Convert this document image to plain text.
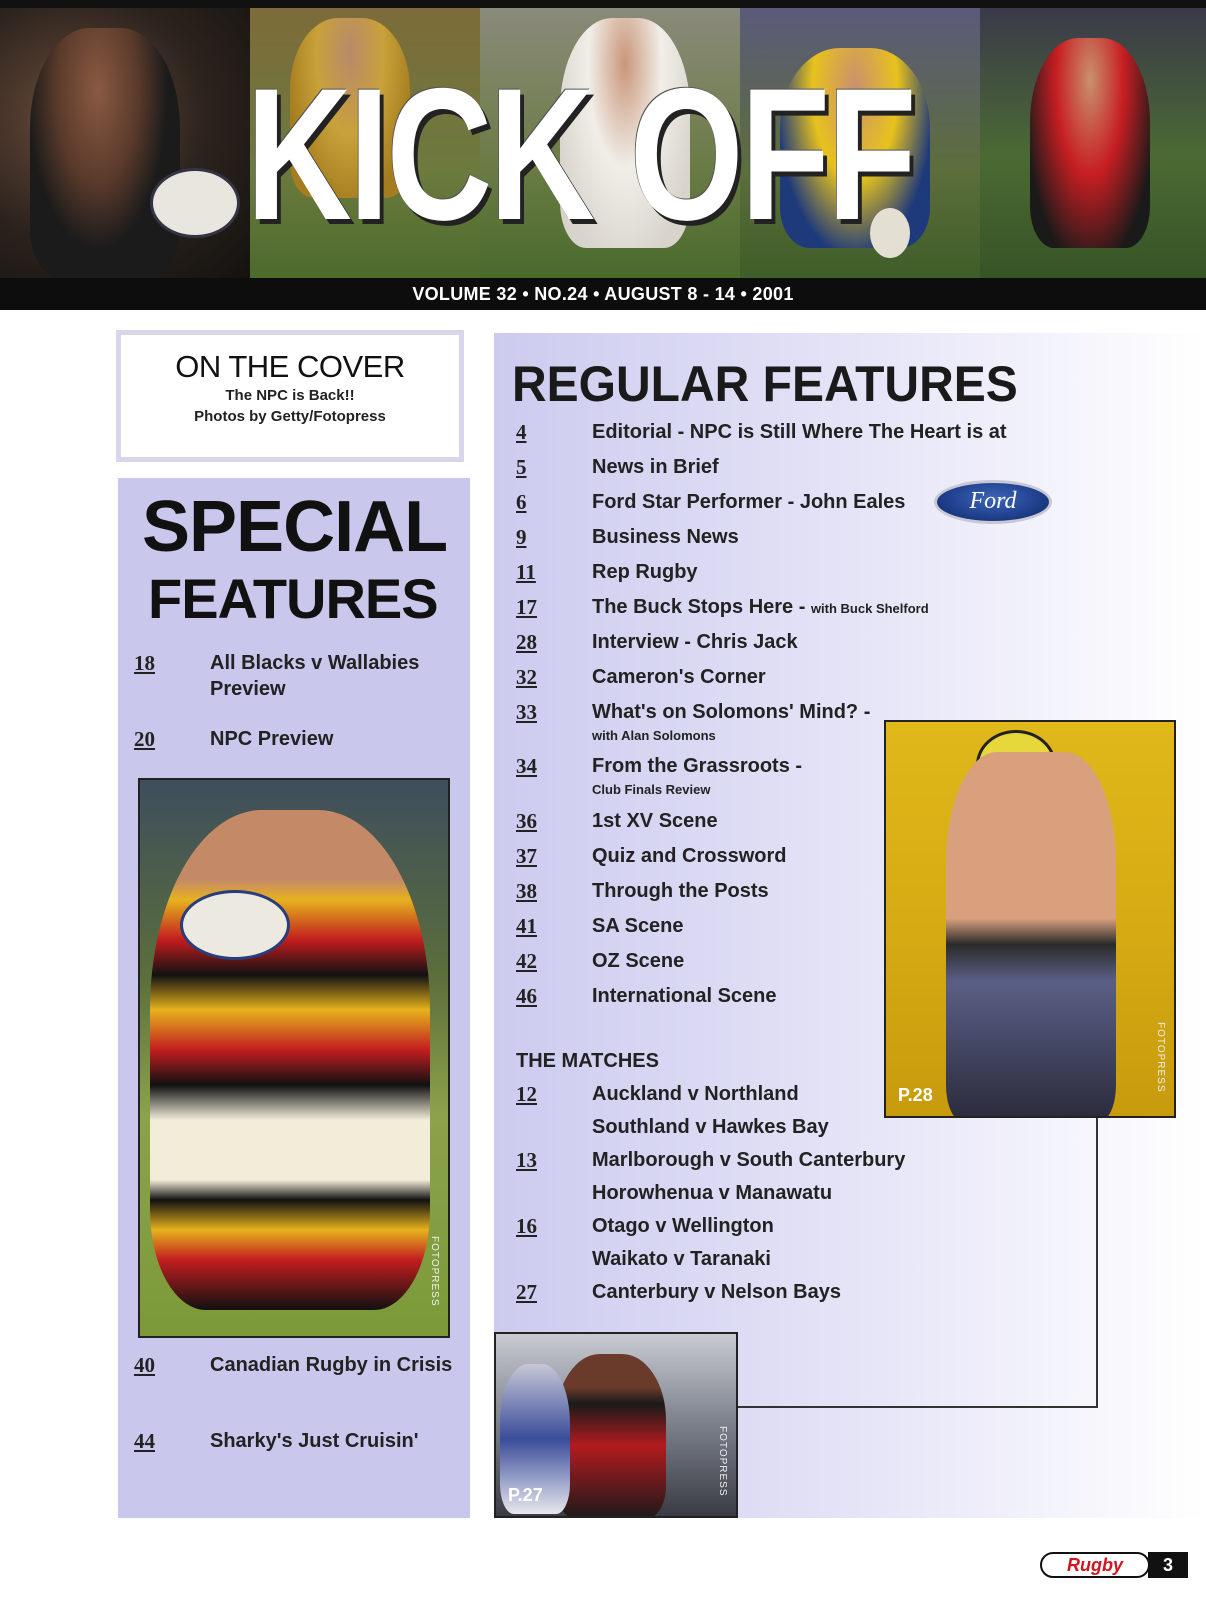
KICK OFF
VOLUME 32 • NO.24 • AUGUST 8 - 14 • 2001
ON THE COVER
The NPC is Back!!
Photos by Getty/Fotopress
SPECIAL
FEATURES
18	All Blacks v Wallabies Preview
20	NPC Preview
FOTOPRESS
40	Canadian Rugby in Crisis
44	Sharky's Just Cruisin'
REGULAR FEATURES
4	Editorial - NPC is Still Where The Heart is at
5	News in Brief
6	Ford Star Performer - John Eales	Ford
9	Business News
11	Rep Rugby
17	The Buck Stops Here - with Buck Shelford
28	Interview - Chris Jack
32	Cameron's Corner
33	What's on Solomons' Mind? -
with Alan Solomons
34	From the Grassroots -
Club Finals Review
36	1st XV Scene
37	Quiz and Crossword
38	Through the Posts
41	SA Scene
42	OZ Scene
46	International Scene
THE MATCHES
12	Auckland v Northland
Southland v Hawkes Bay
13	Marlborough v South Canterbury
Horowhenua v Manawatu
16	Otago v Wellington
Waikato v Taranaki
27	Canterbury v Nelson Bays
P.28
FOTOPRESS
P.27	FOTOPRESS
Rugby	3
